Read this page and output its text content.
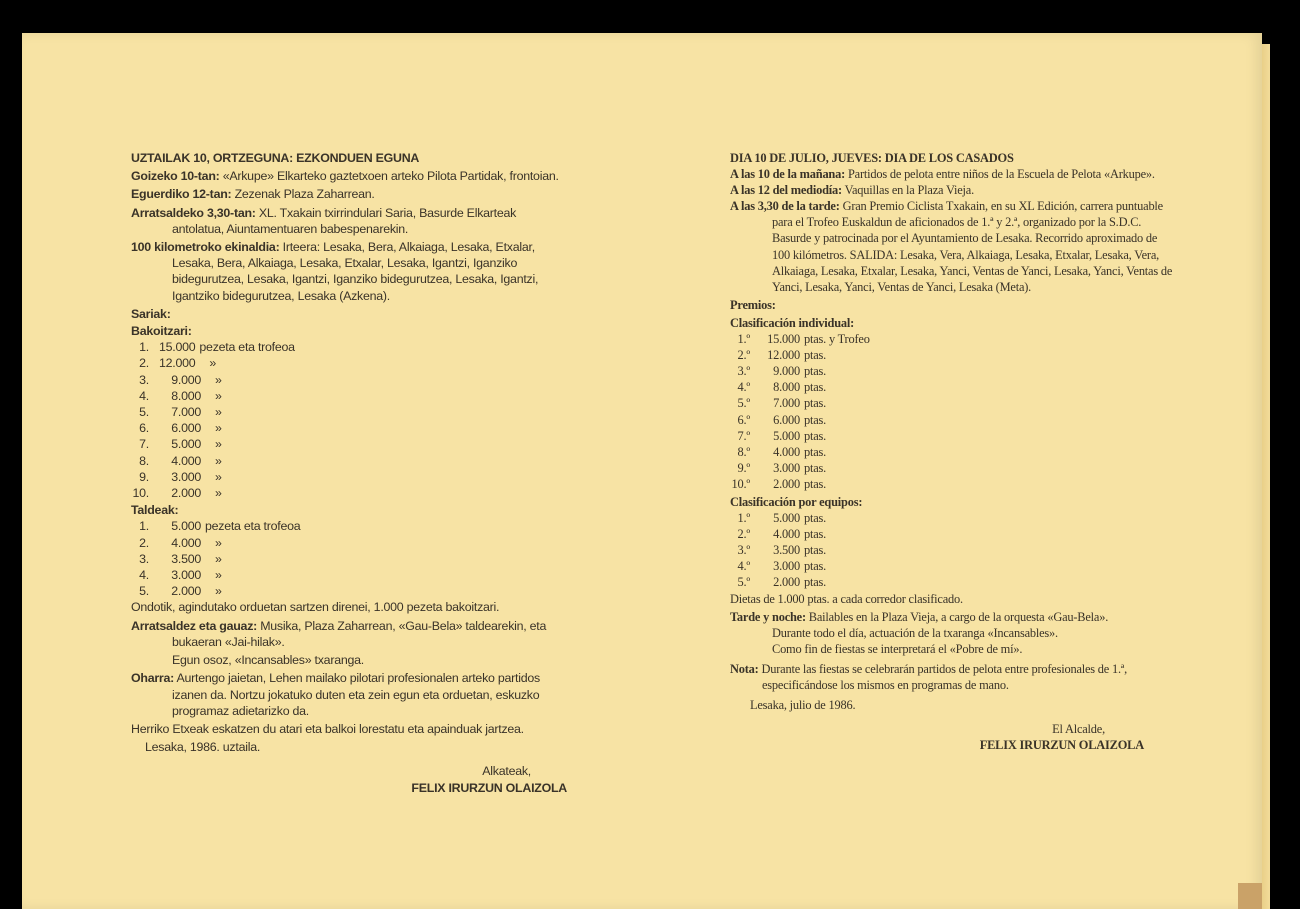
UZTAILAK 10, ORTZEGUNA: EZKONDUEN EGUNA
Goizeko 10-tan: «Arkupe» Elkarteko gaztetxoen arteko Pilota Partidak, frontoian.
Eguerdiko 12-tan: Zezenak Plaza Zaharrean.
Arratsaldeko 3,30-tan: XL. Txakain txirrindulari Saria, Basurde Elkarteak antolatua, Aiuntamentuaren babespenarekin.
100 kilometroko ekinaldia: Irteera: Lesaka, Bera, Alkaiaga, Lesaka, Etxalar, Lesaka, Bera, Alkaiaga, Lesaka, Etxalar, Lesaka, Igantzi, Iganziko bidegurutzea, Lesaka, Igantzi, Iganziko bidegurutzea, Lesaka, Igantzi, Igantziko bidegurutzea, Lesaka (Azkena).
Sariak:
Bakoitzari:
1. 15.000 pezeta eta trofeoa
2. 12.000	»
3.	9.000	»
4.	8.000	»
5.	7.000	»
6.	6.000	»
7.	5.000	»
8.	4.000	»
9.	3.000	»
10.	2.000	»
Taldeak:
1.	5.000 pezeta eta trofeoa
2.	4.000	»
3.	3.500	»
4.	3.000	»
5.	2.000	»
Ondotik, agindutako orduetan sartzen direnei, 1.000 pezeta bakoitzari.
Arratsaldez eta gauaz: Musika, Plaza Zaharrean, «Gau-Bela» taldearekin, eta bukaeran «Jai-hilak».
Egun osoz, «Incansables» txaranga.
Oharra: Aurtengo jaietan, Lehen mailako pilotari profesionalen arteko partidos izanen da. Nortzu jokatuko duten eta zein egun eta orduetan, eskuzko programaz adietarizko da.
Herriko Etxeak eskatzen du atari eta balkoi lorestatu eta apainduak jartzea.
Lesaka, 1986. uztaila.
Alkateak,
FELIX IRURZUN OLAIZOLA
DIA 10 DE JULIO, JUEVES: DIA DE LOS CASADOS
A las 10 de la mañana: Partidos de pelota entre niños de la Escuela de Pelota «Arkupe».
A las 12 del mediodía: Vaquillas en la Plaza Vieja.
A las 3,30 de la tarde: Gran Premio Ciclista Txakain, en su XL Edición, carrera puntuable para el Trofeo Euskaldun de aficionados de 1.ª y 2.ª, organizado por la S.D.C. Basurde y patrocinada por el Ayuntamiento de Lesaka. Recorrido aproximado de 100 kilómetros. SALIDA: Lesaka, Vera, Alkaiaga, Lesaka, Etxalar, Lesaka, Vera, Alkaiaga, Lesaka, Etxalar, Lesaka, Yanci, Ventas de Yanci, Lesaka, Yanci, Ventas de Yanci, Lesaka, Yanci, Ventas de Yanci, Lesaka (Meta).
Premios:
Clasificación individual:
1.º	15.000 ptas. y Trofeo
2.º	12.000 ptas.
3.º	9.000 ptas.
4.º	8.000 ptas.
5.º	7.000 ptas.
6.º	6.000 ptas.
7.º	5.000 ptas.
8.º	4.000 ptas.
9.º	3.000 ptas.
10.º	2.000 ptas.
Clasificación por equipos:
1.º	5.000 ptas.
2.º	4.000 ptas.
3.º	3.500 ptas.
4.º	3.000 ptas.
5.º	2.000 ptas.
Dietas de 1.000 ptas. a cada corredor clasificado.
Tarde y noche: Bailables en la Plaza Vieja, a cargo de la orquesta «Gau-Bela».
Durante todo el día, actuación de la txaranga «Incansables».
Como fin de fiestas se interpretará el «Pobre de mí».
Nota: Durante las fiestas se celebrarán partidos de pelota entre profesionales de 1.ª, especificándose los mismos en programas de mano.
Lesaka, julio de 1986.
El Alcalde,
FELIX IRURZUN OLAIZOLA
